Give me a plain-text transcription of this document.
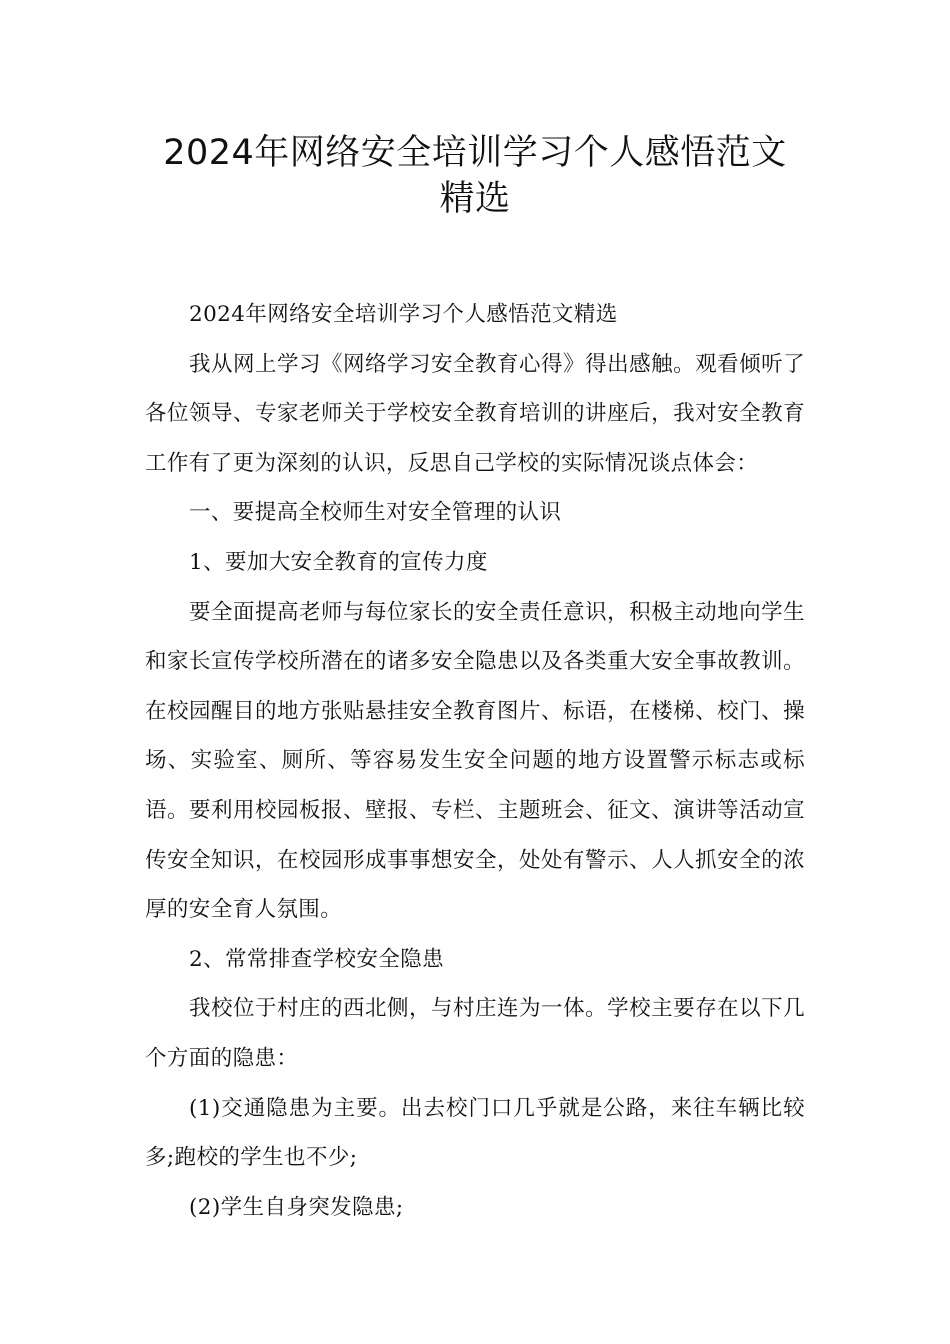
2024年网络安全培训学习个人感悟范文
精选

2024年网络安全培训学习个人感悟范文精选

我从网上学习《网络学习安全教育心得》得出感触。观看倾听了各位领导、专家老师关于学校安全教育培训的讲座后，我对安全教育工作有了更为深刻的认识，反思自己学校的实际情况谈点体会：

一、要提高全校师生对安全管理的认识

1、要加大安全教育的宣传力度

要全面提高老师与每位家长的安全责任意识，积极主动地向学生和家长宣传学校所潜在的诸多安全隐患以及各类重大安全事故教训。在校园醒目的地方张贴悬挂安全教育图片、标语，在楼梯、校门、操场、实验室、厕所、等容易发生安全问题的地方设置警示标志或标语。要利用校园板报、壁报、专栏、主题班会、征文、演讲等活动宣传安全知识，在校园形成事事想安全，处处有警示、人人抓安全的浓厚的安全育人氛围。

2、常常排查学校安全隐患

我校位于村庄的西北侧，与村庄连为一体。学校主要存在以下几个方面的隐患：

(1)交通隐患为主要。出去校门口几乎就是公路，来往车辆比较多;跑校的学生也不少;

(2)学生自身突发隐患;
